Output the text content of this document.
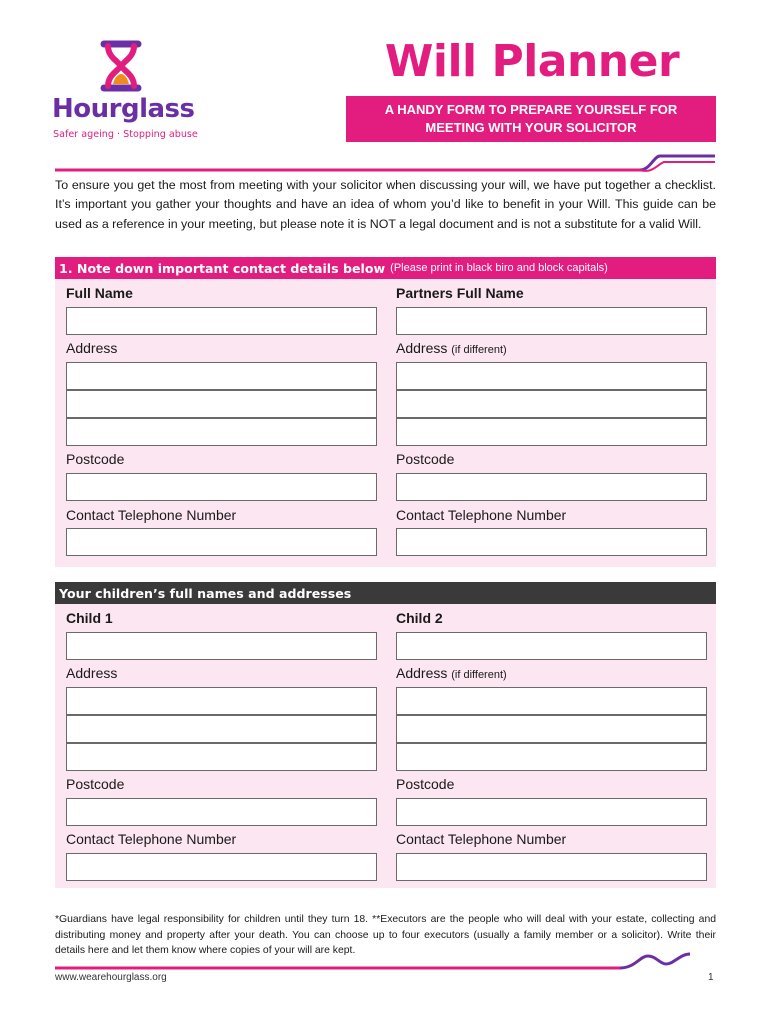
Hourglass
Safer ageing · Stopping abuse
Will Planner
A HANDY FORM TO PREPARE YOURSELF FOR MEETING WITH YOUR SOLICITOR

To ensure you get the most from meeting with your solicitor when discussing your will, we have put together a checklist. It’s important you gather your thoughts and have an idea of whom you’d like to benefit in your Will. This guide can be used as a reference in your meeting, but please note it is NOT a legal document and is not a substitute for a valid Will.

1. Note down important contact details below (Please print in black biro and block capitals)
Full Name
Address
Postcode
Contact Telephone Number
Partners Full Name
Address (if different)
Postcode
Contact Telephone Number
Your children’s full names and addresses
Child 1
Address
Postcode
Contact Telephone Number
Child 2
Address (if different)
Postcode
Contact Telephone Number

*Guardians have legal responsibility for children until they turn 18. **Executors are the people who will deal with your estate, collecting and distributing money and property after your death. You can choose up to four executors (usually a family member or a solicitor). Write their details here and let them know where copies of your will are kept.

www.wearehourglass.org	1
